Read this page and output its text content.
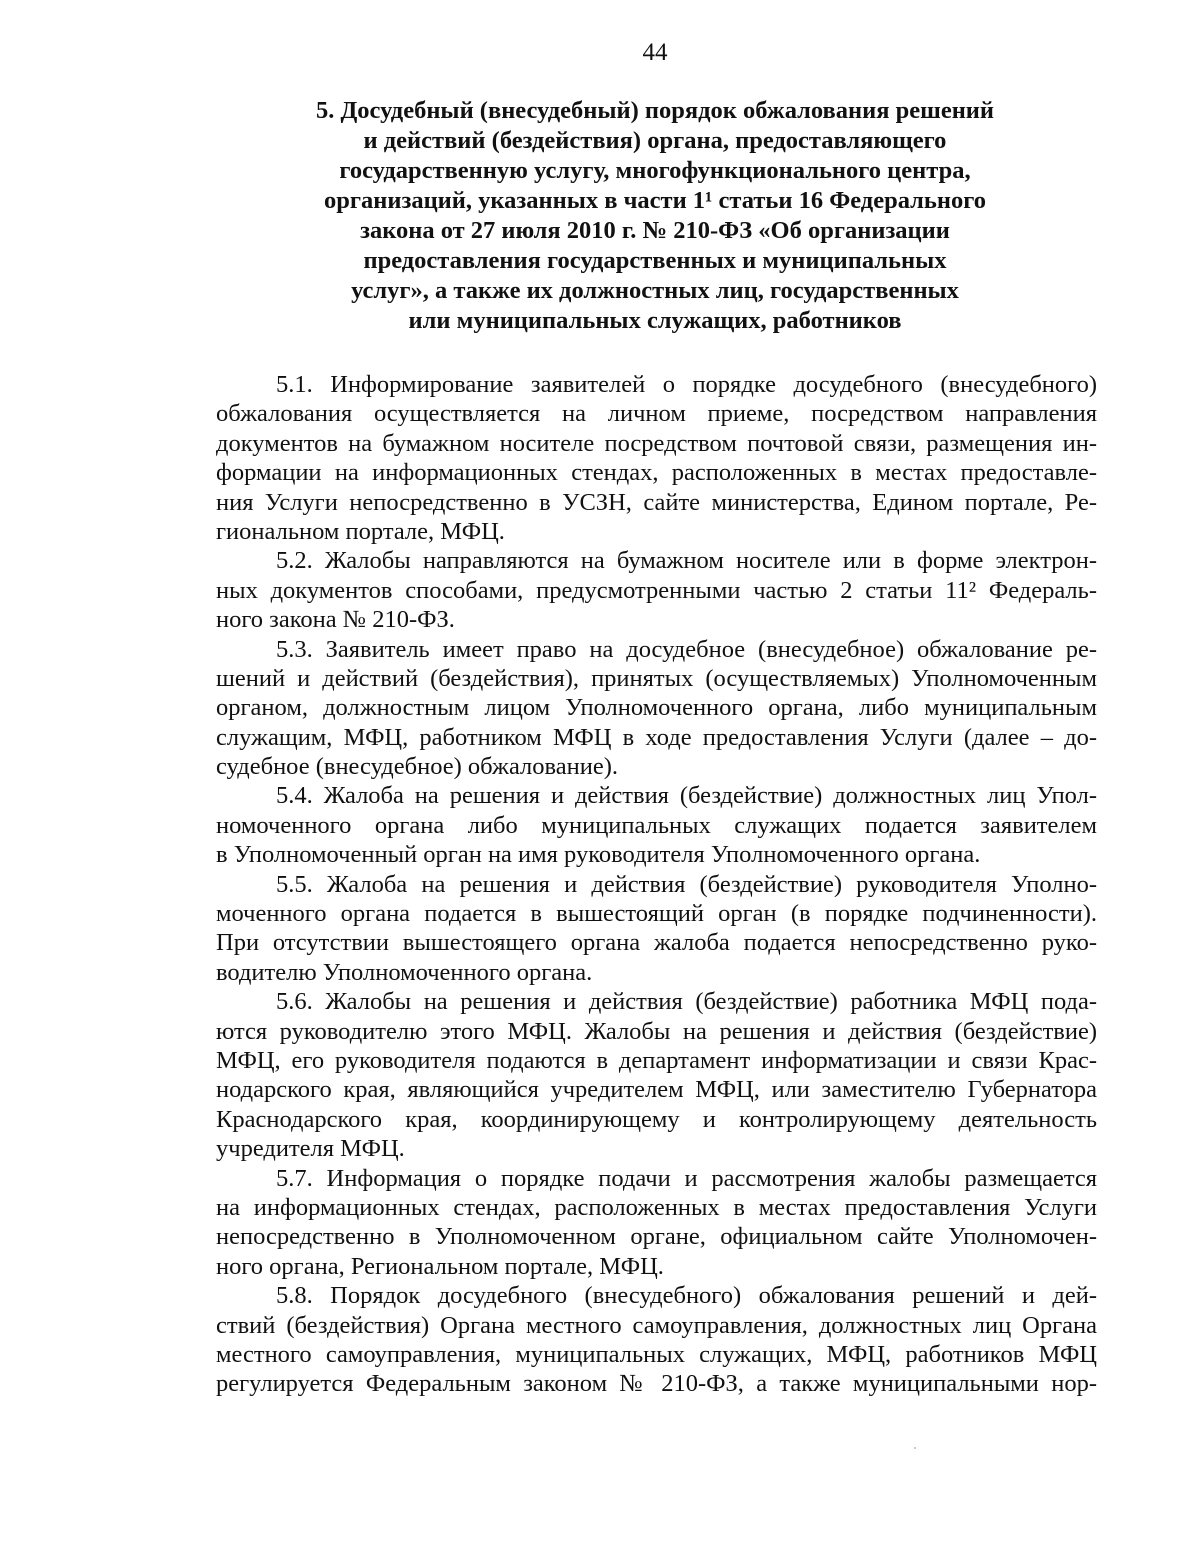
44
5. Досудебный (внесудебный) порядок обжалования решений
и действий (бездействия) органа, предоставляющего
государственную услугу, многофункционального центра,
организаций, указанных в части 1¹ статьи 16 Федерального
закона от 27 июля 2010 г. № 210-ФЗ «Об организации
предоставления государственных и муниципальных
услуг», а также их должностных лиц, государственных
или муниципальных служащих, работников
5.1. Информирование заявителей о порядке досудебного (внесудебного)
обжалования осуществляется на личном приеме, посредством направления
документов на бумажном носителе посредством почтовой связи, размещения ин-
формации на информационных стендах, расположенных в местах предоставле-
ния Услуги непосредственно в УСЗН, сайте министерства, Едином портале, Ре-
гиональном портале, МФЦ.
5.2. Жалобы направляются на бумажном носителе или в форме электрон-
ных документов способами, предусмотренными частью 2 статьи 11² Федераль-
ного закона № 210-ФЗ.
5.3. Заявитель имеет право на досудебное (внесудебное) обжалование ре-
шений и действий (бездействия), принятых (осуществляемых) Уполномоченным
органом, должностным лицом Уполномоченного органа, либо муниципальным
служащим, МФЦ, работником МФЦ в ходе предоставления Услуги (далее – до-
судебное (внесудебное) обжалование).
5.4. Жалоба на решения и действия (бездействие) должностных лиц Упол-
номоченного органа либо муниципальных служащих подается заявителем
в Уполномоченный орган на имя руководителя Уполномоченного органа.
5.5. Жалоба на решения и действия (бездействие) руководителя Уполно-
моченного органа подается в вышестоящий орган (в порядке подчиненности).
При отсутствии вышестоящего органа жалоба подается непосредственно руко-
водителю Уполномоченного органа.
5.6. Жалобы на решения и действия (бездействие) работника МФЦ пода-
ются руководителю этого МФЦ. Жалобы на решения и действия (бездействие)
МФЦ, его руководителя подаются в департамент информатизации и связи Крас-
нодарского края, являющийся учредителем МФЦ, или заместителю Губернатора
Краснодарского края, координирующему и контролирующему деятельность
учредителя МФЦ.
5.7. Информация о порядке подачи и рассмотрения жалобы размещается
на информационных стендах, расположенных в местах предоставления Услуги
непосредственно в Уполномоченном органе, официальном сайте Уполномочен-
ного органа, Региональном портале, МФЦ.
5.8. Порядок досудебного (внесудебного) обжалования решений и дей-
ствий (бездействия) Органа местного самоуправления, должностных лиц Органа
местного самоуправления, муниципальных служащих, МФЦ, работников МФЦ
регулируется Федеральным законом № 210-ФЗ, а также муниципальными нор-
